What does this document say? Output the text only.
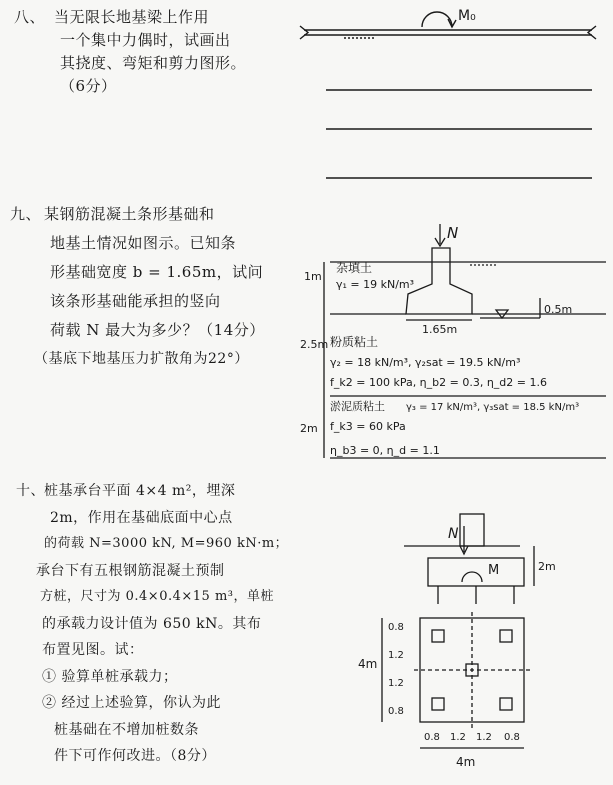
八、 当无限长地基梁上作用
一个集中力偶时，试画出
其挠度、弯矩和剪力图形。
（6分）
九、 某钢筋混凝土条形基础和
地基土情况如图示。已知条
形基础宽度 b = 1.65m，试问
该条形基础能承担的竖向
荷载 N 最大为多少？（14分）
（基底下地基压力扩散角为22°）
十、 桩基承台平面 4×4 m²，埋深
2m，作用在基础底面中心点
的荷载 N=3000 kN, M=960 kN·m；
承台下有五根钢筋混凝土预制
方桩，尺寸为 0.4×0.4×15 m³，单桩
的承载力设计值为 650 kN。其布
布置见图。试：
① 验算单桩承载力；
② 经过上述验算，你认为此
桩基础在不增加桩数条
件下可作何改进。（8分）
M₀
杂填土
γ₁ = 19 kN/m³
N
1m
1.65m
0.5m
粉质粘土
γ₂ = 18 kN/m³, γ₂sat = 19.5 kN/m³
f_k2 = 100 kPa, η_b2 = 0.3, η_d2 = 1.6
2.5m
淤泥质粘土 γ₃ = 17 kN/m³, γ₃sat = 18.5 kN/m³
f_k3 = 60 kPa
η_b3 = 0, η_d = 1.1
2m
N
M	2m
4m
4m
0.8
1.2
1.2
0.8
0.8 1.2 1.2 0.8
